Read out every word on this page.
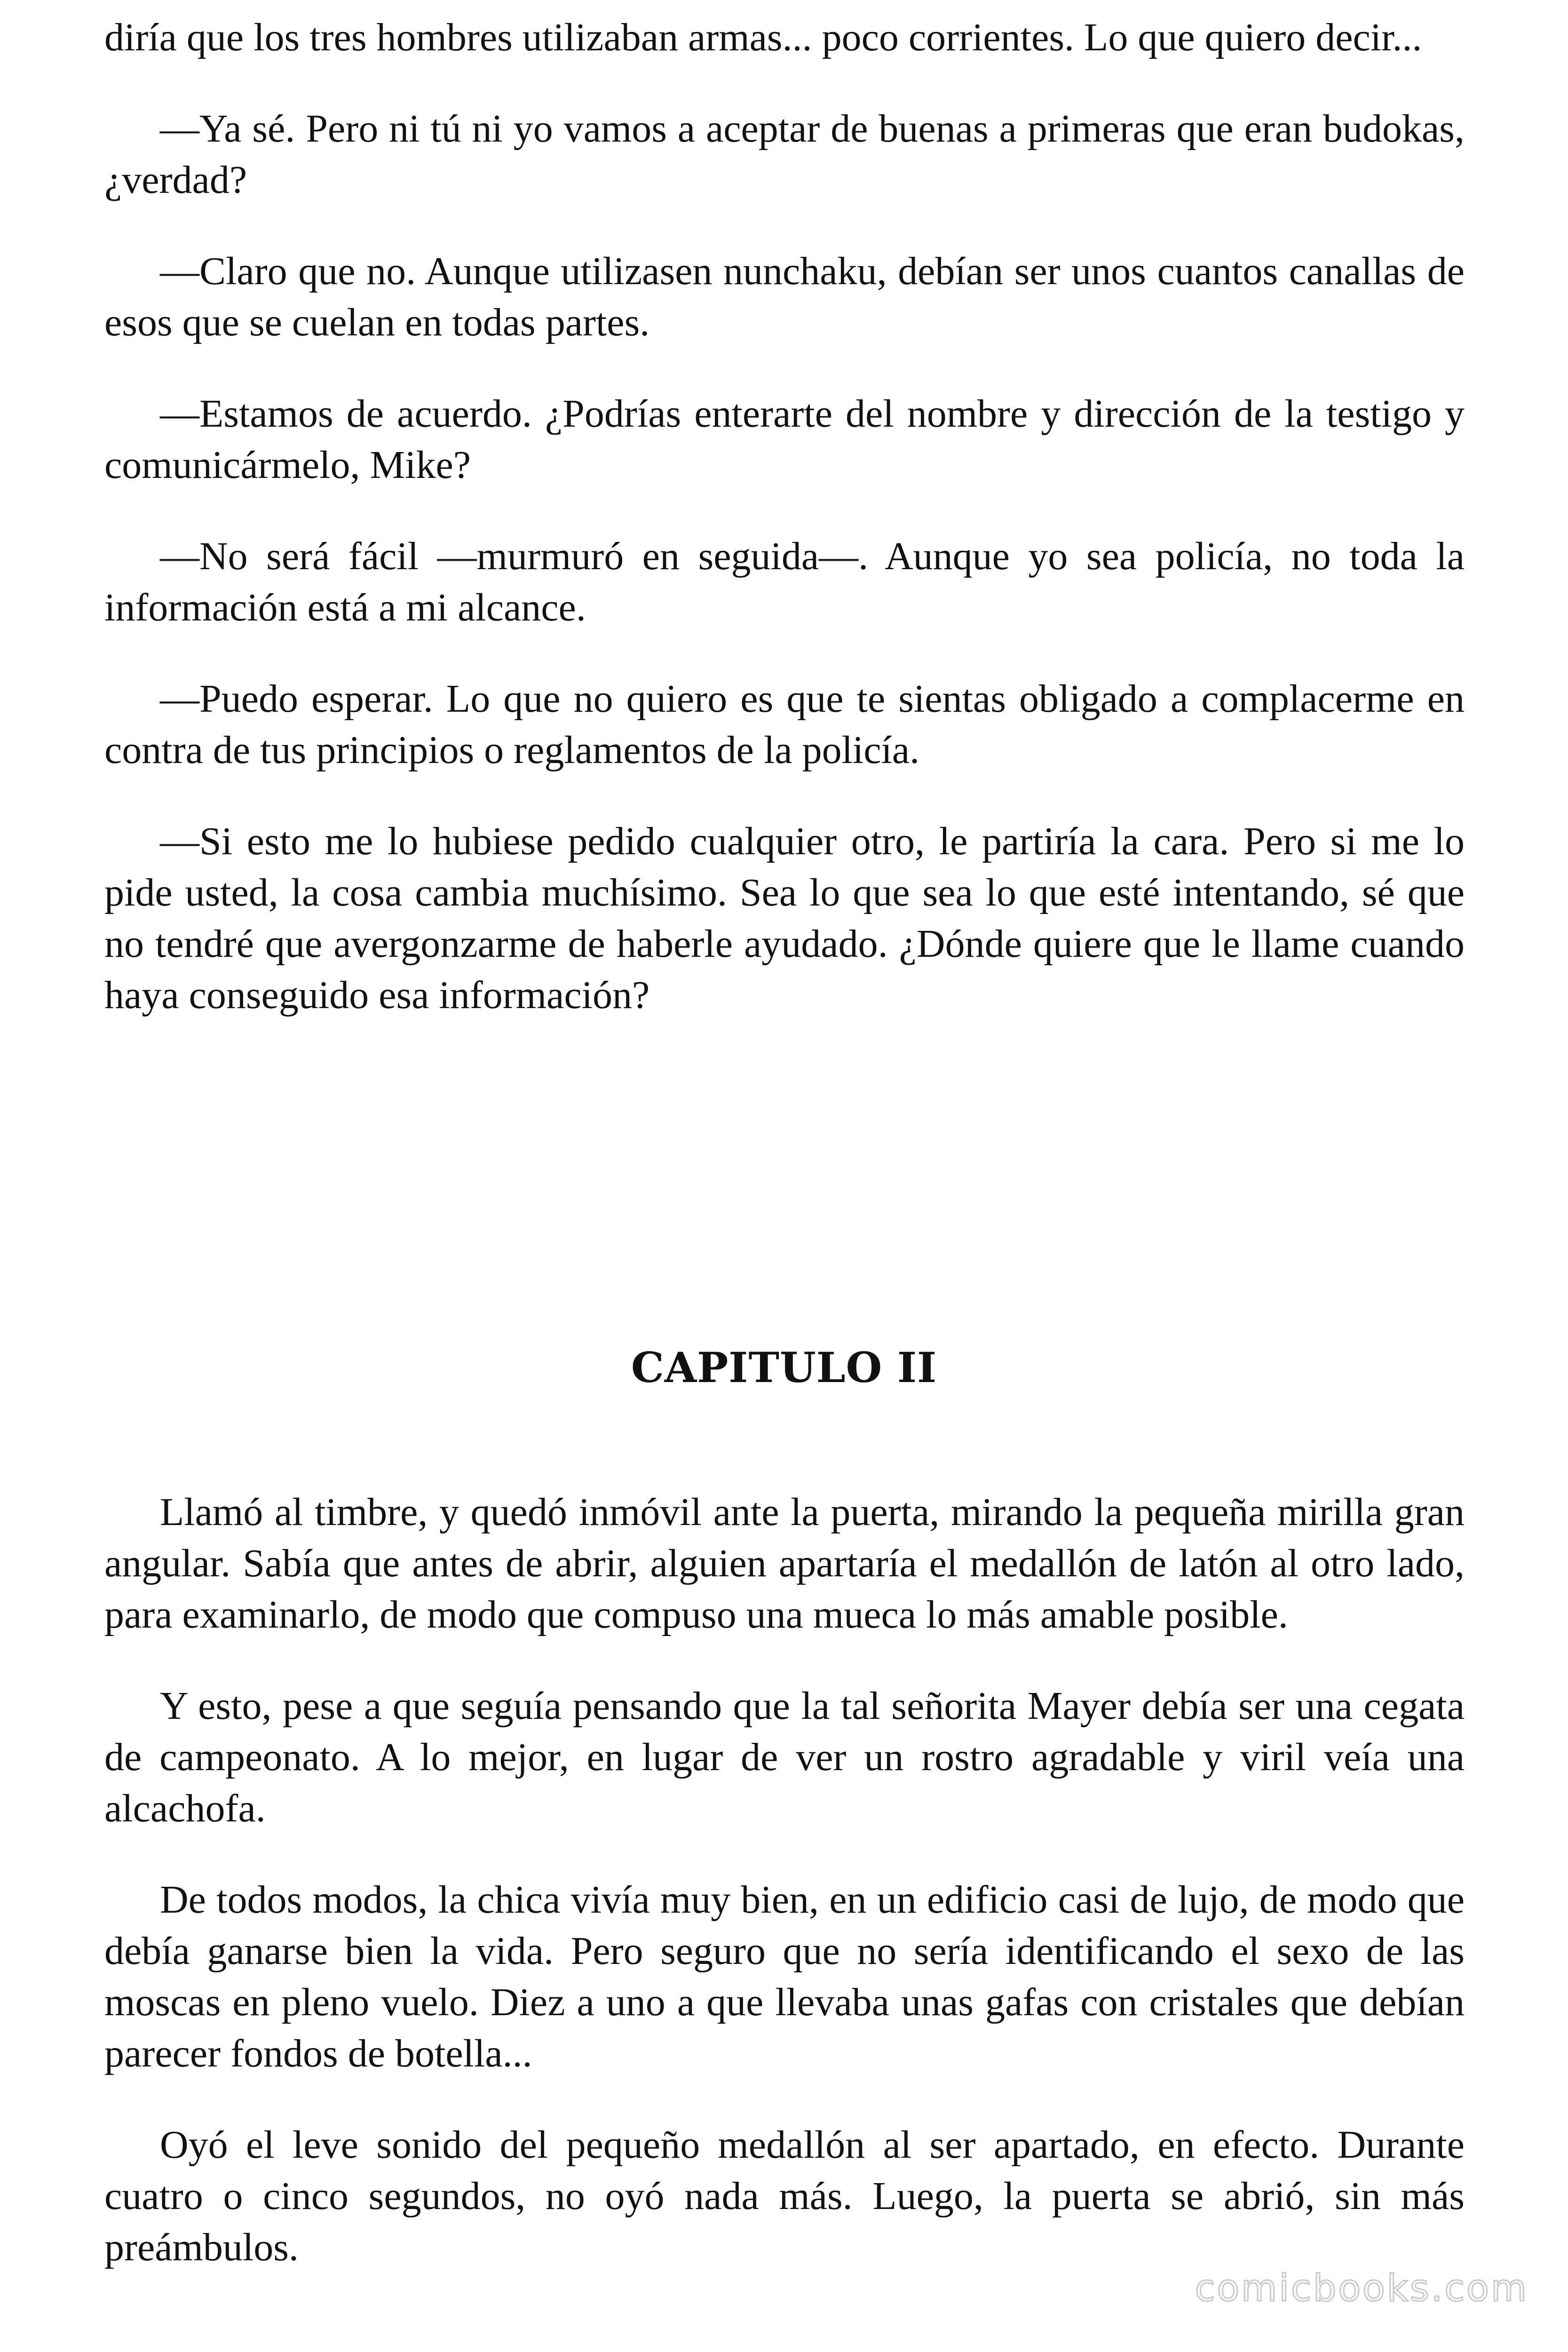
diría que los tres hombres utilizaban armas... poco corrientes. Lo que quiero decir...

—Ya sé. Pero ni tú ni yo vamos a aceptar de buenas a primeras que eran budokas, ¿verdad?

—Claro que no. Aunque utilizasen nunchaku, debían ser unos cuantos canallas de esos que se cuelan en todas partes.

—Estamos de acuerdo. ¿Podrías enterarte del nombre y dirección de la testigo y comunicármelo, Mike?

—No será fácil —murmuró en seguida—. Aunque yo sea policía, no toda la información está a mi alcance.

—Puedo esperar. Lo que no quiero es que te sientas obligado a complacerme en contra de tus principios o reglamentos de la policía.

—Si esto me lo hubiese pedido cualquier otro, le partiría la cara. Pero si me lo pide usted, la cosa cambia muchísimo. Sea lo que sea lo que esté intentando, sé que no tendré que avergonzarme de haberle ayudado. ¿Dónde quiere que le llame cuando haya conseguido esa información?

CAPITULO II

Llamó al timbre, y quedó inmóvil ante la puerta, mirando la pequeña mirilla gran angular. Sabía que antes de abrir, alguien apartaría el medallón de latón al otro lado, para examinarlo, de modo que compuso una mueca lo más amable posible.

Y esto, pese a que seguía pensando que la tal señorita Mayer debía ser una cegata de campeonato. A lo mejor, en lugar de ver un rostro agradable y viril veía una alcachofa.

De todos modos, la chica vivía muy bien, en un edificio casi de lujo, de modo que debía ganarse bien la vida. Pero seguro que no sería identificando el sexo de las moscas en pleno vuelo. Diez a uno a que llevaba unas gafas con cristales que debían parecer fondos de botella...

Oyó el leve sonido del pequeño medallón al ser apartado, en efecto. Durante cuatro o cinco segundos, no oyó nada más. Luego, la puerta se abrió, sin más preámbulos.

comicbooks.com
